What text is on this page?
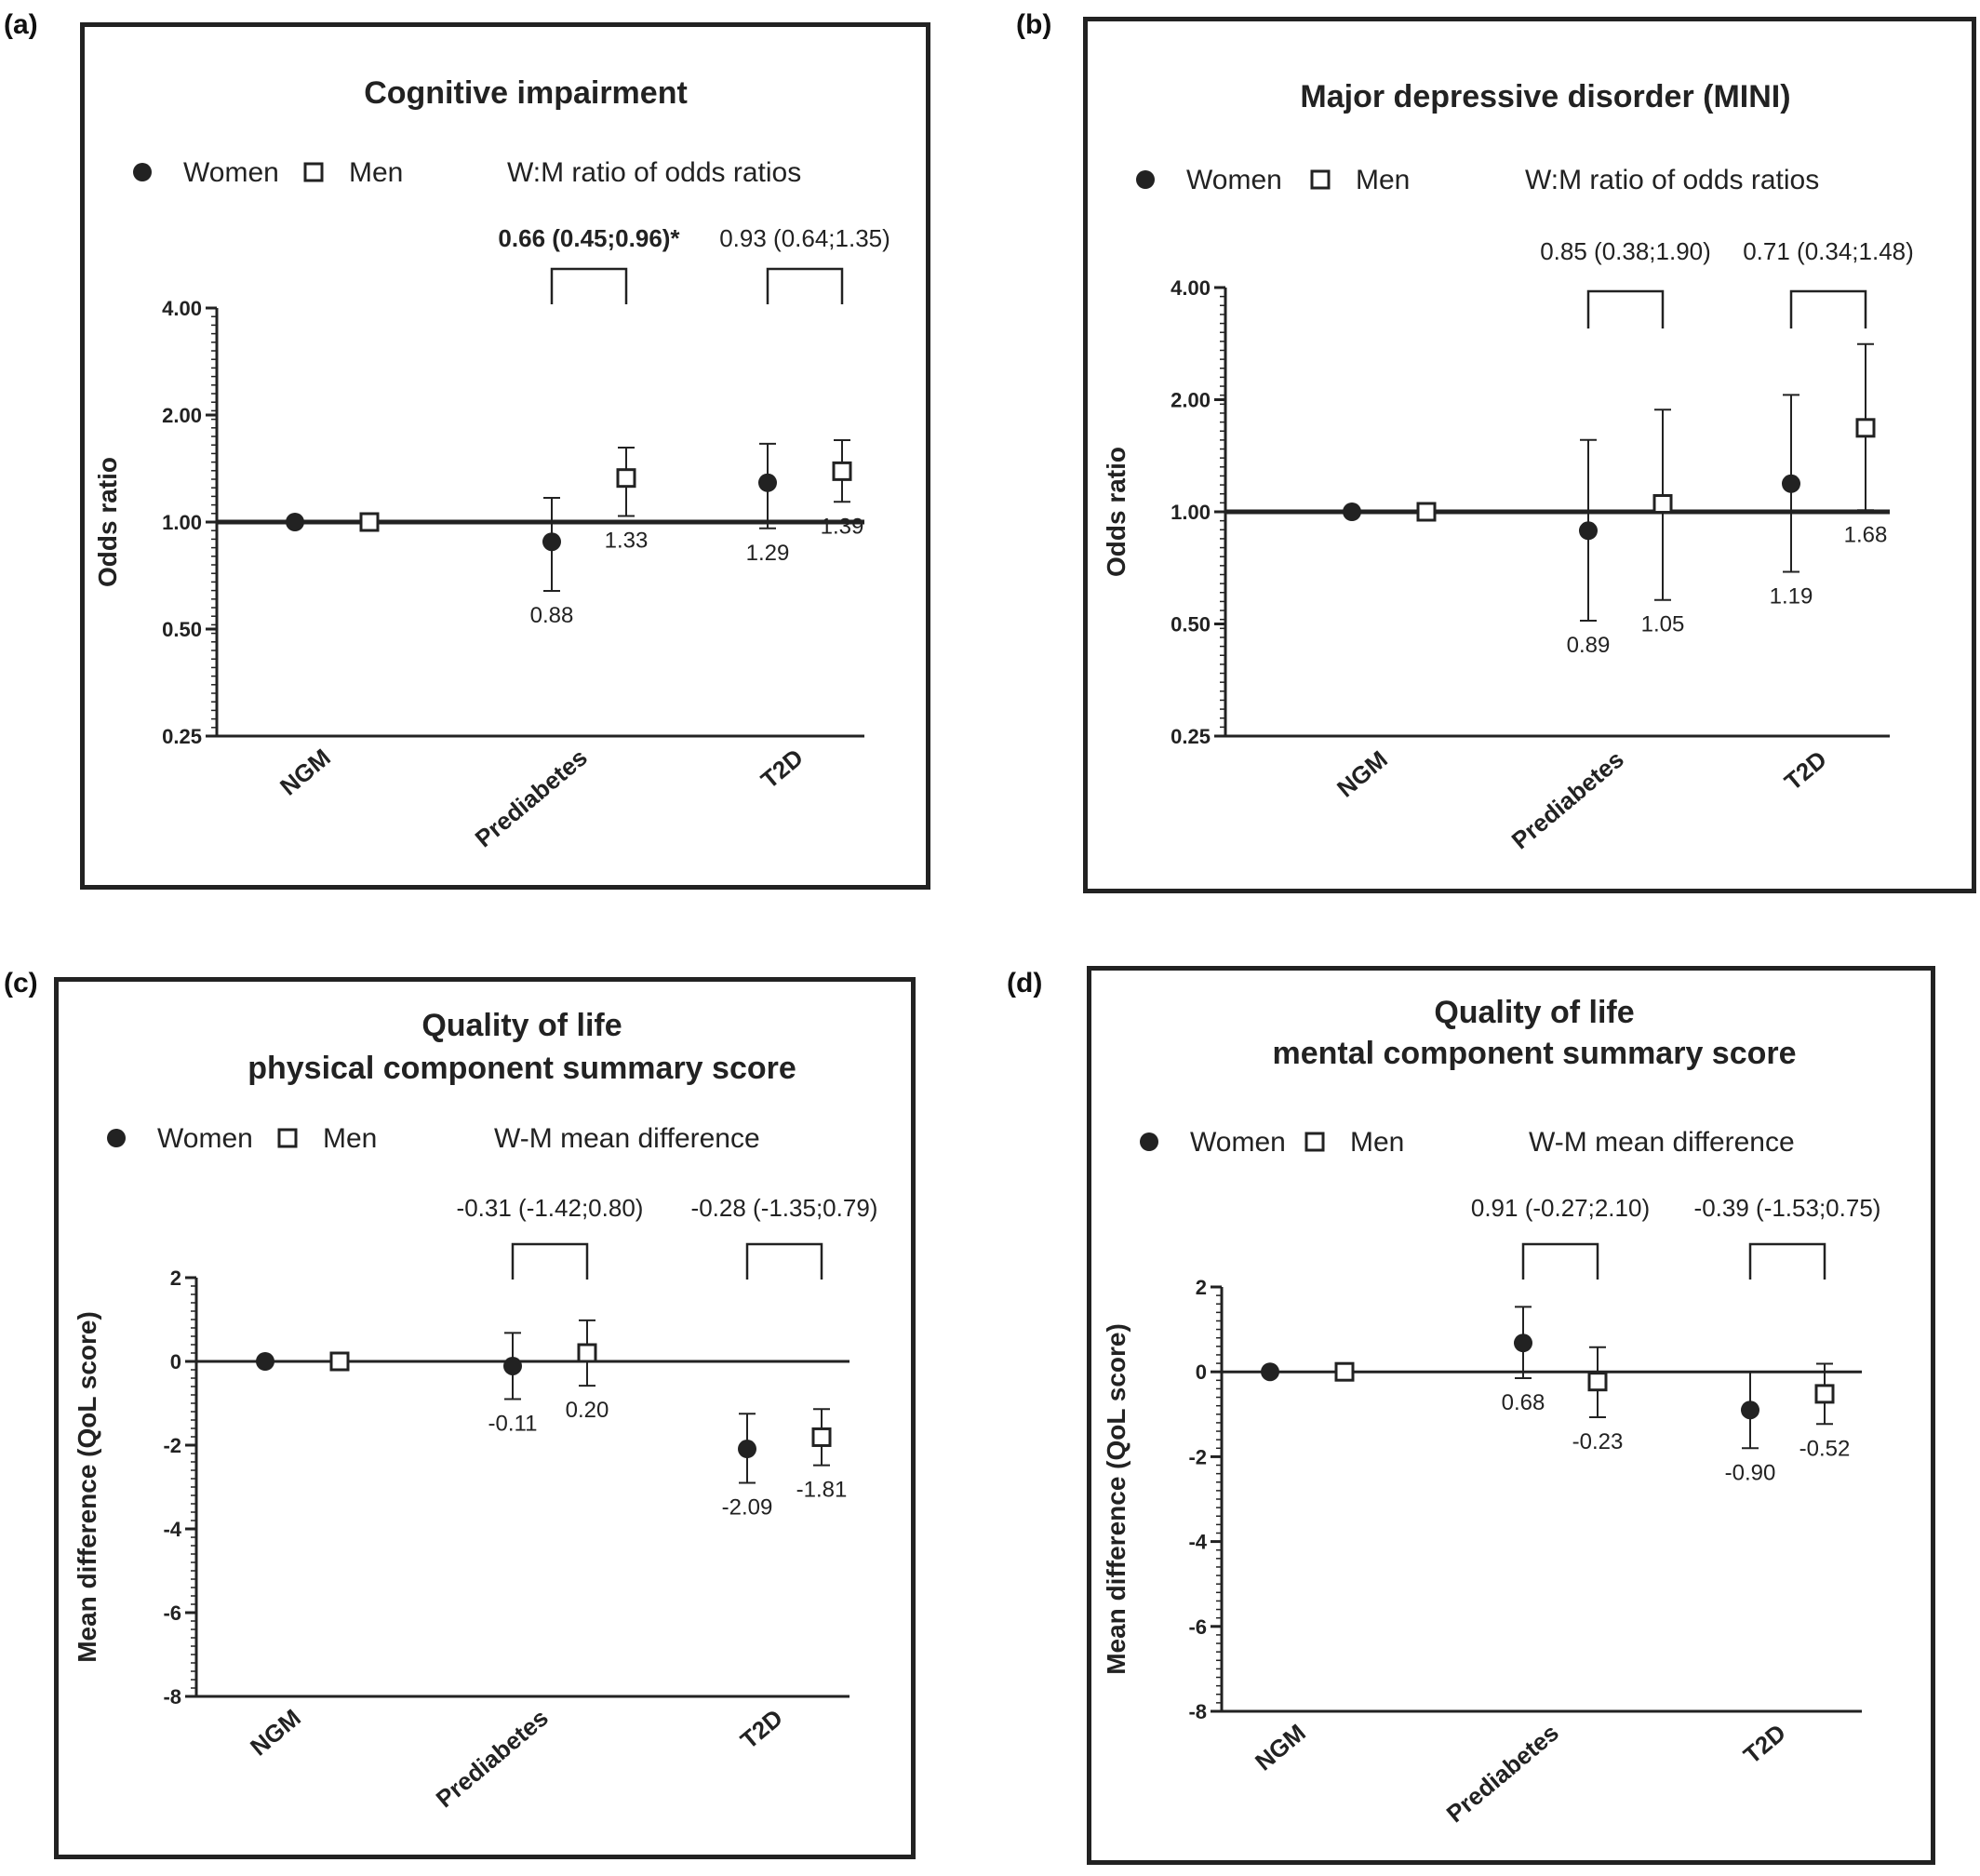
(a)
Cognitive impairment
Women	Men	W:M ratio of odds ratios
0.25
0.50
1.00
2.00
4.00
Odds ratio
NGM	Prediabetes	T2D
0.88
1.29
1.33
1.39
0.66 (0.45;0.96)* 0.93 (0.64;1.35)
(b)
Major depressive disorder (MINI)
Women	Men	W:M ratio of odds ratios
0.25
0.50
1.00
2.00
4.00
Odds ratio
NGM	Prediabetes	T2D
0.89
1.19
1.05
1.68
0.85 (0.38;1.90) 0.71 (0.34;1.48)
(c)
Quality of life
physical component summary score
Women	Men	W-M mean difference
-8
-6
-4
-2
0
2
Mean difference (QoL score)
NGM	Prediabetes	T2D
-0.11
-2.09
0.20
-1.81
-0.31 (-1.42;0.80) -0.28 (-1.35;0.79)
(d)
Quality of life
mental component summary score
Women Men	W-M mean difference
-8
-6
-4
-2
0
2
Mean difference (QoL score)
NGM	Prediabetes	T2D
0.68
-0.90
-0.23	-0.52
0.91 (-0.27;2.10) -0.39 (-1.53;0.75)
